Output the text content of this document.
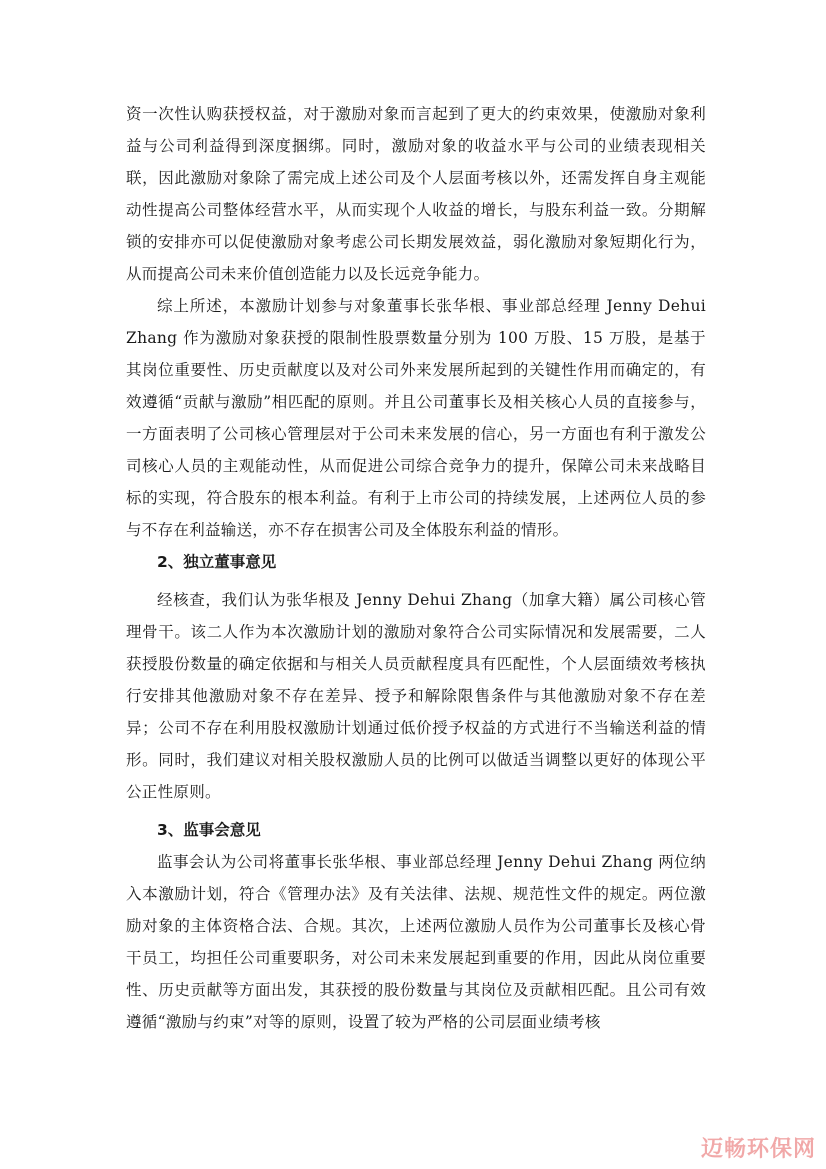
资一次性认购获授权益，对于激励对象而言起到了更大的约束效果，使激励对象利益与公司利益得到深度捆绑。同时，激励对象的收益水平与公司的业绩表现相关联，因此激励对象除了需完成上述公司及个人层面考核以外，还需发挥自身主观能动性提高公司整体经营水平，从而实现个人收益的增长，与股东利益一致。分期解锁的安排亦可以促使激励对象考虑公司长期发展效益，弱化激励对象短期化行为，从而提高公司未来价值创造能力以及长远竞争能力。

综上所述，本激励计划参与对象董事长张华根、事业部总经理 Jenny Dehui Zhang 作为激励对象获授的限制性股票数量分别为 100 万股、15 万股，是基于其岗位重要性、历史贡献度以及对公司外来发展所起到的关键性作用而确定的，有效遵循“贡献与激励”相匹配的原则。并且公司董事长及相关核心人员的直接参与，一方面表明了公司核心管理层对于公司未来发展的信心，另一方面也有利于激发公司核心人员的主观能动性，从而促进公司综合竞争力的提升，保障公司未来战略目标的实现，符合股东的根本利益。有利于上市公司的持续发展，上述两位人员的参与不存在利益输送，亦不存在损害公司及全体股东利益的情形。

2、独立董事意见

经核查，我们认为张华根及 Jenny Dehui Zhang（加拿大籍）属公司核心管理骨干。该二人作为本次激励计划的激励对象符合公司实际情况和发展需要，二人获授股份数量的确定依据和与相关人员贡献程度具有匹配性，个人层面绩效考核执行安排其他激励对象不存在差异、授予和解除限售条件与其他激励对象不存在差异；公司不存在利用股权激励计划通过低价授予权益的方式进行不当输送利益的情形。同时，我们建议对相关股权激励人员的比例可以做适当调整以更好的体现公平公正性原则。

3、监事会意见

监事会认为公司将董事长张华根、事业部总经理 Jenny Dehui Zhang 两位纳入本激励计划，符合《管理办法》及有关法律、法规、规范性文件的规定。两位激励对象的主体资格合法、合规。其次，上述两位激励人员作为公司董事长及核心骨干员工，均担任公司重要职务，对公司未来发展起到重要的作用，因此从岗位重要性、历史贡献等方面出发，其获授的股份数量与其岗位及贡献相匹配。且公司有效遵循“激励与约束”对等的原则，设置了较为严格的公司层面业绩考核

迈畅环保网
